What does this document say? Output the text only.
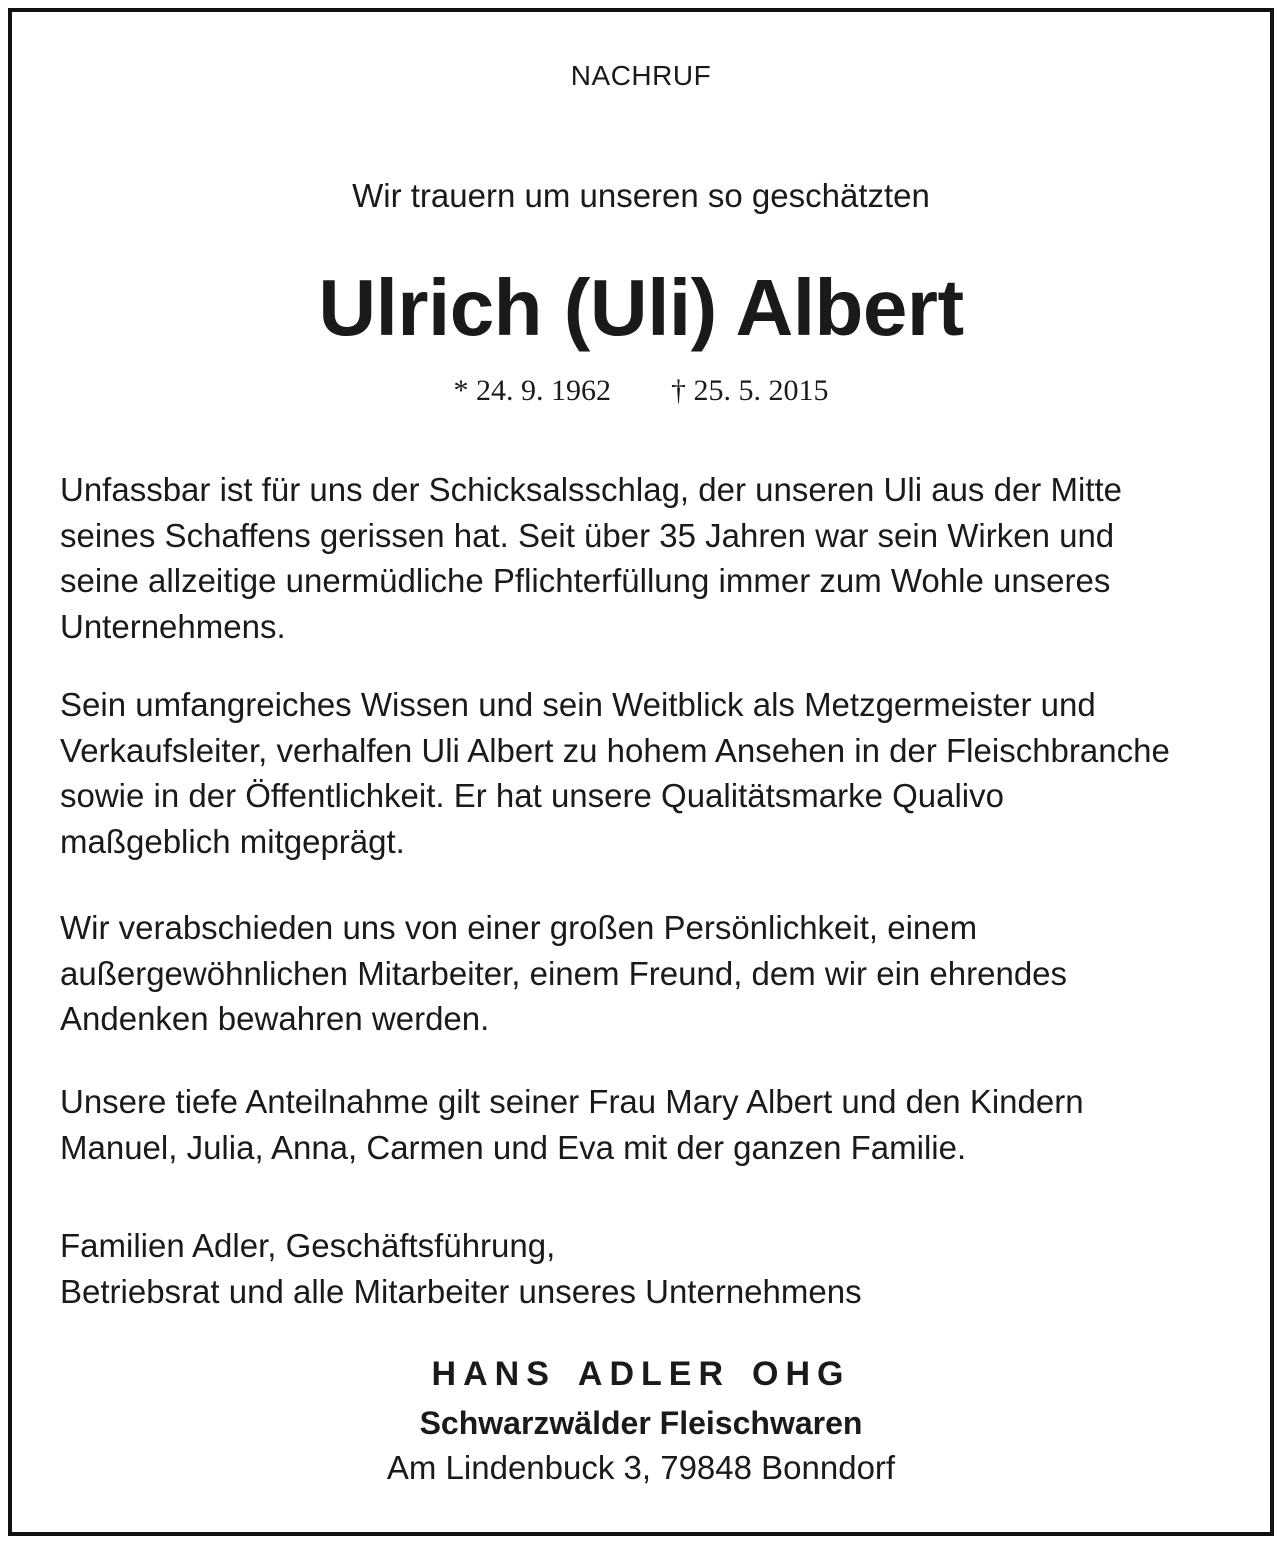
NACHRUF
Wir trauern um unseren so geschätzten
Ulrich (Uli) Albert
* 24. 9. 1962 † 25. 5. 2015

Unfassbar ist für uns der Schicksalsschlag, der unseren Uli aus der Mitte
seines Schaffens gerissen hat. Seit über 35 Jahren war sein Wirken und
seine allzeitige unermüdliche Pflichterfüllung immer zum Wohle unseres
Unternehmens.

Sein umfangreiches Wissen und sein Weitblick als Metzgermeister und
Verkaufsleiter, verhalfen Uli Albert zu hohem Ansehen in der Fleischbranche
sowie in der Öffentlichkeit. Er hat unsere Qualitätsmarke Qualivo
maßgeblich mitgeprägt.

Wir verabschieden uns von einer großen Persönlichkeit, einem
außergewöhnlichen Mitarbeiter, einem Freund, dem wir ein ehrendes
Andenken bewahren werden.

Unsere tiefe Anteilnahme gilt seiner Frau Mary Albert und den Kindern
Manuel, Julia, Anna, Carmen und Eva mit der ganzen Familie.

Familien Adler, Geschäftsführung,
Betriebsrat und alle Mitarbeiter unseres Unternehmens

HANS ADLER OHG
Schwarzwälder Fleischwaren
Am Lindenbuck 3, 79848 Bonndorf
